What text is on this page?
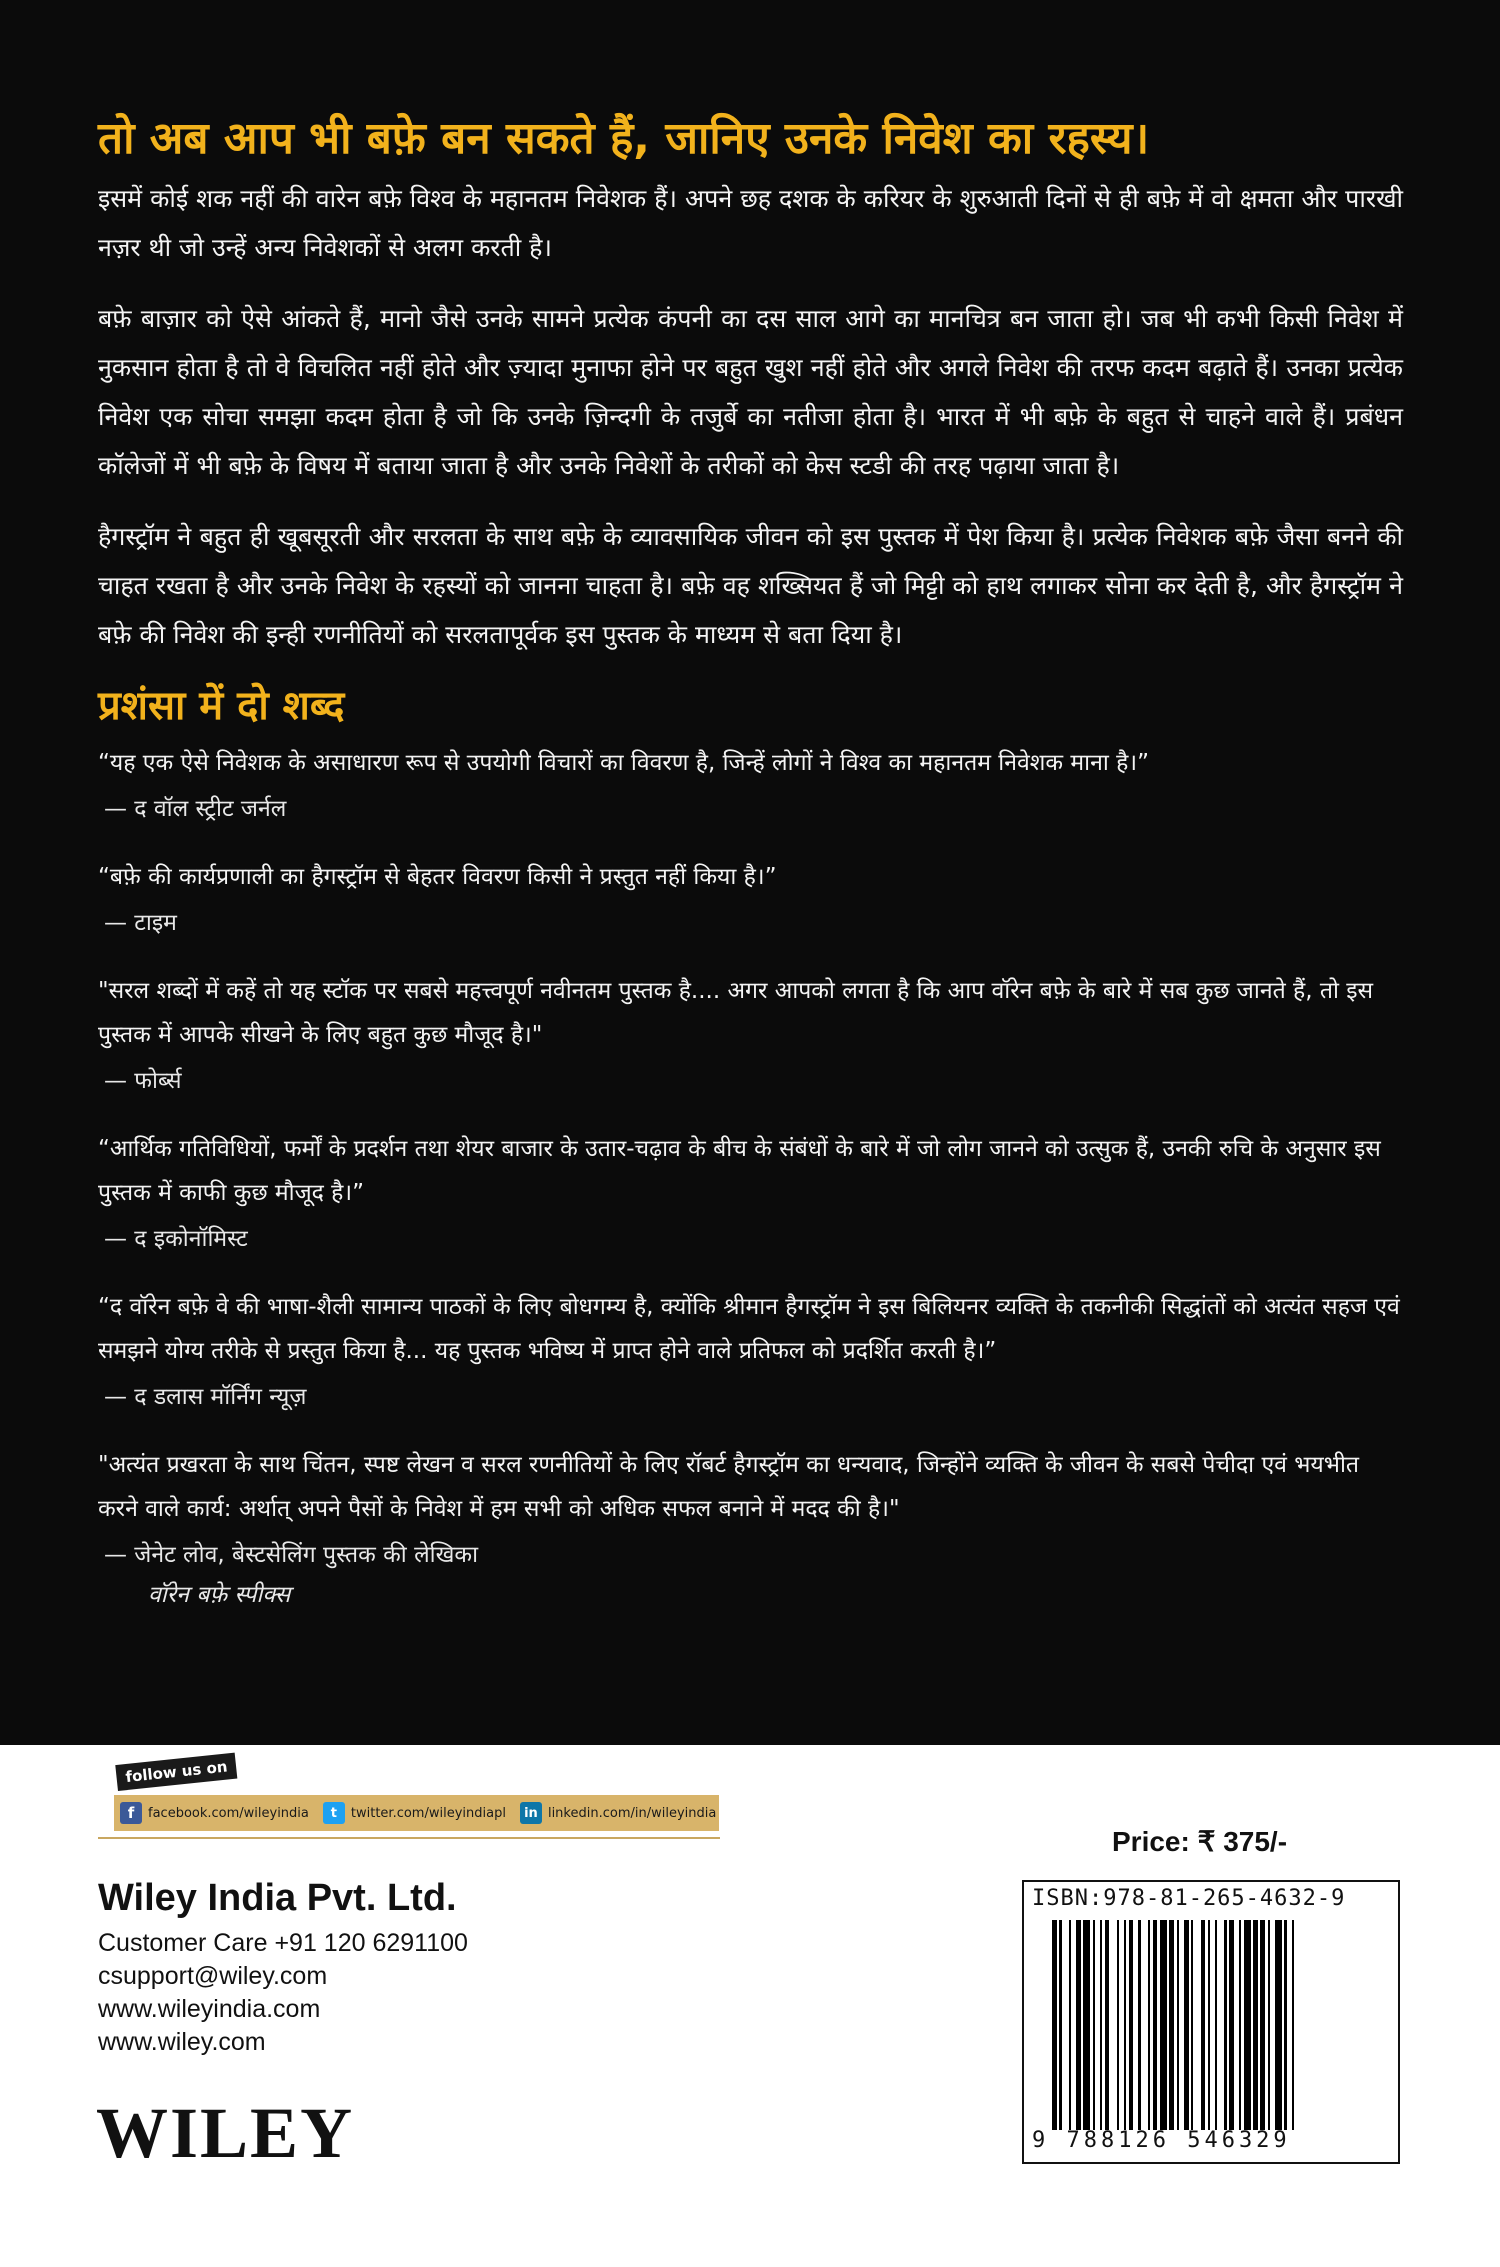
तो अब आप भी बफ़े बन सकते हैं, जानिए उनके निवेश का रहस्य।

इसमें कोई शक नहीं की वारेन बफ़े विश्व के महानतम निवेशक हैं। अपने छह दशक के करियर के शुरुआती दिनों से ही बफ़े में वो क्षमता और पारखी नज़र थी जो उन्हें अन्य निवेशकों से अलग करती है।

बफ़े बाज़ार को ऐसे आंकते हैं, मानो जैसे उनके सामने प्रत्येक कंपनी का दस साल आगे का मानचित्र बन जाता हो। जब भी कभी किसी निवेश में नुकसान होता है तो वे विचलित नहीं होते और ज़्यादा मुनाफा होने पर बहुत खुश नहीं होते और अगले निवेश की तरफ कदम बढ़ाते हैं। उनका प्रत्येक निवेश एक सोचा समझा कदम होता है जो कि उनके ज़िन्दगी के तजुर्बे का नतीजा होता है। भारत में भी बफ़े के बहुत से चाहने वाले हैं। प्रबंधन कॉलेजों में भी बफ़े के विषय में बताया जाता है और उनके निवेशों के तरीकों को केस स्टडी की तरह पढ़ाया जाता है।

हैगस्ट्रॉम ने बहुत ही खूबसूरती और सरलता के साथ बफ़े के व्यावसायिक जीवन को इस पुस्तक में पेश किया है। प्रत्येक निवेशक बफ़े जैसा बनने की चाहत रखता है और उनके निवेश के रहस्यों को जानना चाहता है। बफ़े वह शख्सियत हैं जो मिट्टी को हाथ लगाकर सोना कर देती है, और हैगस्ट्रॉम ने बफ़े की निवेश की इन्ही रणनीतियों को सरलतापूर्वक इस पुस्तक के माध्यम से बता दिया है।

प्रशंसा में दो शब्द

“यह एक ऐसे निवेशक के असाधारण रूप से उपयोगी विचारों का विवरण है, जिन्हें लोगों ने विश्व का महानतम निवेशक माना है।”

— द वॉल स्ट्रीट जर्नल

“बफ़े की कार्यप्रणाली का हैगस्ट्रॉम से बेहतर विवरण किसी ने प्रस्तुत नहीं किया है।”

— टाइम

"सरल शब्दों में कहें तो यह स्टॉक पर सबसे महत्त्वपूर्ण नवीनतम पुस्तक है.... अगर आपको लगता है कि आप वॉरेन बफ़े के बारे में सब कुछ जानते हैं, तो इस पुस्तक में आपके सीखने के लिए बहुत कुछ मौजूद है।"

— फोर्ब्स

“आर्थिक गतिविधियों, फर्मों के प्रदर्शन तथा शेयर बाजार के उतार-चढ़ाव के बीच के संबंधों के बारे में जो लोग जानने को उत्सुक हैं, उनकी रुचि के अनुसार इस पुस्तक में काफी कुछ मौजूद है।”

— द इकोनॉमिस्ट

“द वॉरेन बफ़े वे की भाषा-शैली सामान्य पाठकों के लिए बोधगम्य है, क्योंकि श्रीमान हैगस्ट्रॉम ने इस बिलियनर व्यक्ति के तकनीकी सिद्धांतों को अत्यंत सहज एवं समझने योग्य तरीके से प्रस्तुत किया है... यह पुस्तक भविष्य में प्राप्त होने वाले प्रतिफल को प्रदर्शित करती है।”

— द डलास मॉर्निंग न्यूज़

"अत्यंत प्रखरता के साथ चिंतन, स्पष्ट लेखन व सरल रणनीतियों के लिए रॉबर्ट हैगस्ट्रॉम का धन्यवाद, जिन्होंने व्यक्ति के जीवन के सबसे पेचीदा एवं भयभीत करने वाले कार्य: अर्थात् अपने पैसों के निवेश में हम सभी को अधिक सफल बनाने में मदद की है।"

— जेनेट लोव, बेस्टसेलिंग पुस्तक की लेखिका
वॉरेन बफ़े स्पीक्स
follow us on
f	facebook.com/wileyindia	t	twitter.com/wileyindiapl	in linkedin.com/in/wileyindia
Wiley India Pvt. Ltd.
Customer Care +91 120 6291100
csupport@wiley.com
www.wileyindia.com
www.wiley.com
WILEY
Price: ₹ 375/-
ISBN:978-81-265-4632-9
9 788126 546329
